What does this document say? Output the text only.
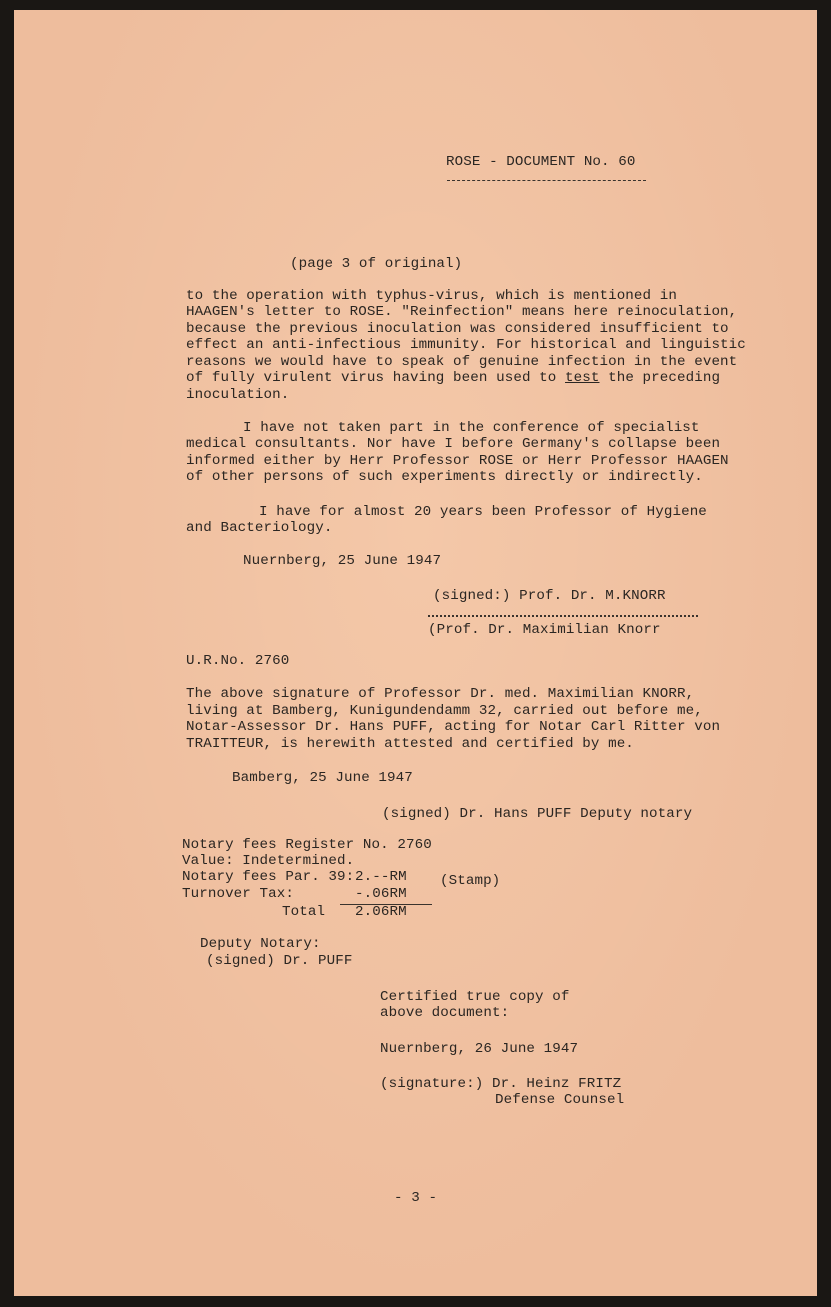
ROSE - DOCUMENT No. 60
(page 3 of original)
to the operation with typhus-virus, which is mentioned in
HAAGEN's letter to ROSE. "Reinfection" means here reinoculation,
because the previous inoculation was considered insufficient to
effect an anti-infectious immunity. For historical and linguistic
reasons we would have to speak of genuine infection in the event
of fully virulent virus having been used to test the preceding
inoculation.
I have not taken part in the conference of specialist
medical consultants. Nor have I before Germany's collapse been
informed either by Herr Professor ROSE or Herr Professor HAAGEN
of other persons of such experiments directly or indirectly.
I have for almost 20 years been Professor of Hygiene
and Bacteriology.
Nuernberg, 25 June 1947
(signed:) Prof. Dr. M.KNORR
(Prof. Dr. Maximilian Knorr
U.R.No. 2760
The above signature of Professor Dr. med. Maximilian KNORR,
living at Bamberg, Kunigundendamm 32, carried out before me,
Notar-Assessor Dr. Hans PUFF, acting for Notar Carl Ritter von
TRAITTEUR, is herewith attested and certified by me.
Bamberg, 25 June 1947
(signed) Dr. Hans PUFF Deputy notary
Notary fees Register No. 2760
Value: Indetermined.
Notary fees Par. 39: 2.--RM (Stamp)
Turnover Tax:	-.06RM
Total 2.06RM
Deputy Notary:
(signed) Dr. PUFF
Certified true copy of
above document:
Nuernberg, 26 June 1947
(signature:) Dr. Heinz FRITZ
Defense Counsel
- 3 -
